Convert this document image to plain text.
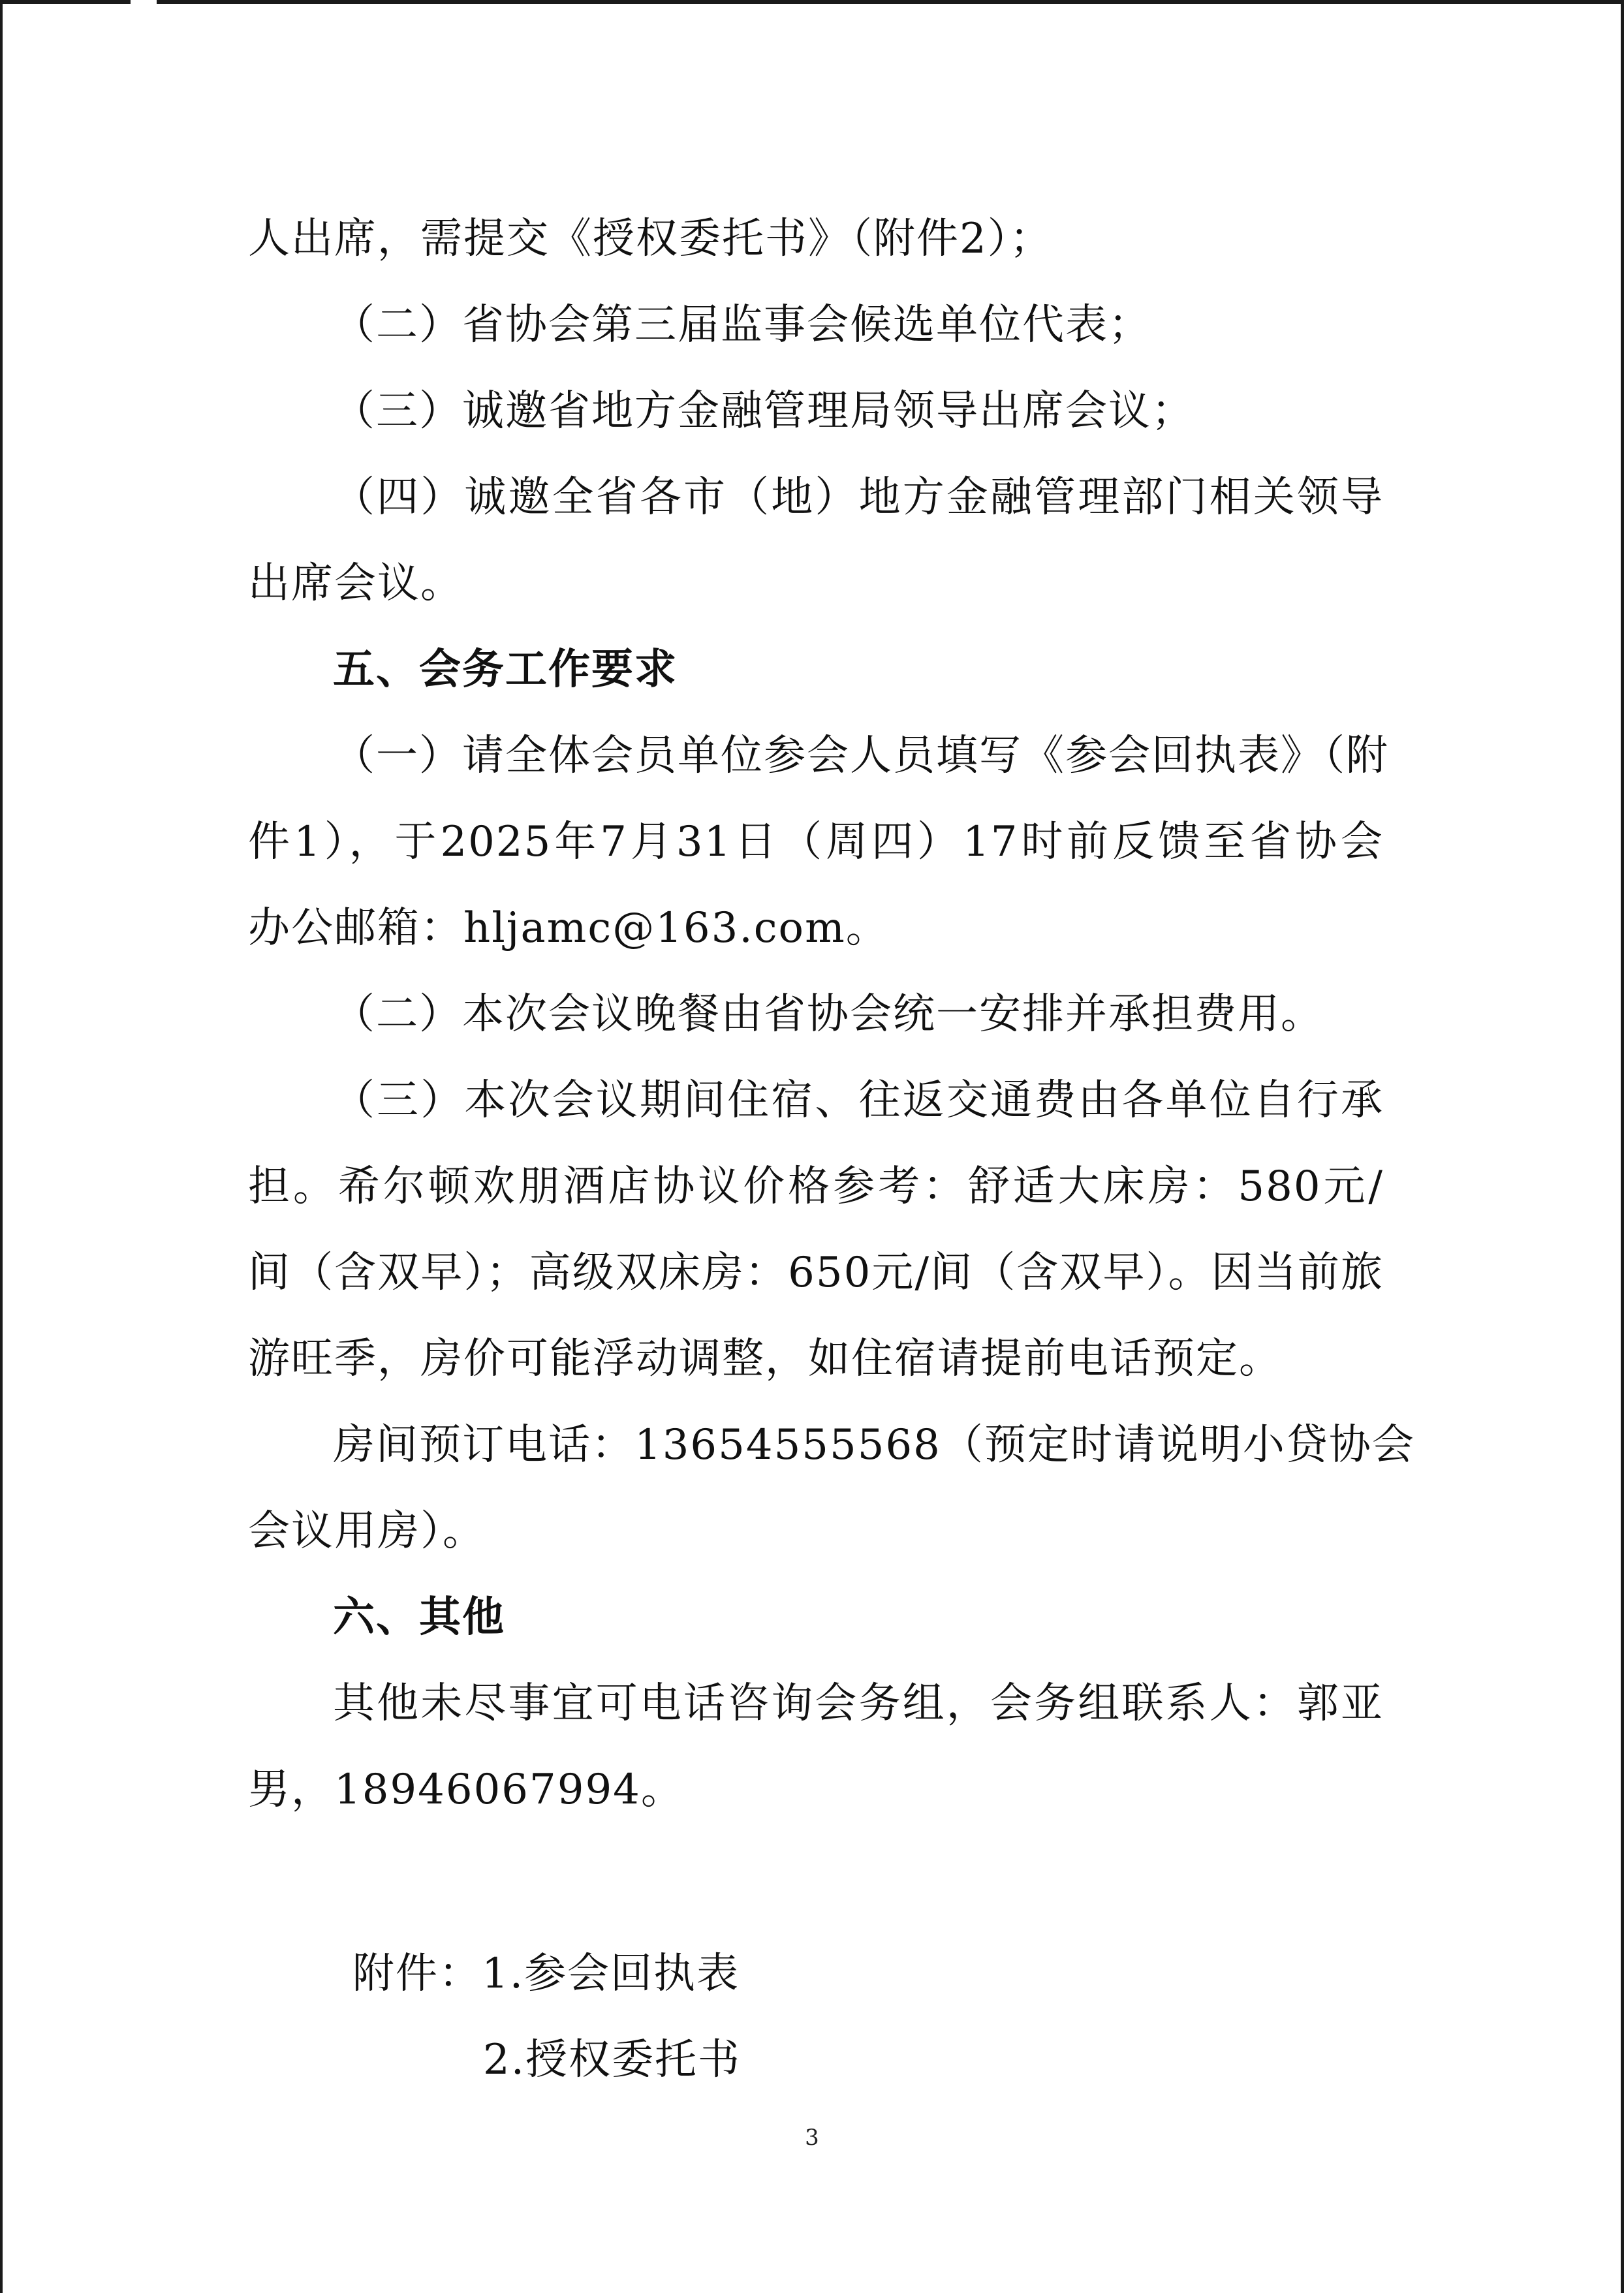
人出席，需提交《授权委托书》（附件2）；
（二）省协会第三届监事会候选单位代表；
（三）诚邀省地方金融管理局领导出席会议；
（四）诚邀全省各市（地）地方金融管理部门相关领导
出席会议。
五、会务工作要求
（一）请全体会员单位参会人员填写《参会回执表》（附
件1），于2025年7月31日（周四）17时前反馈至省协会
办公邮箱：hljamc@163.com。
（二）本次会议晚餐由省协会统一安排并承担费用。
（三）本次会议期间住宿、往返交通费由各单位自行承
担。希尔顿欢朋酒店协议价格参考：舒适大床房：580元/
间（含双早）；高级双床房：650元/间（含双早）。因当前旅
游旺季，房价可能浮动调整，如住宿请提前电话预定。
房间预订电话：13654555568（预定时请说明小贷协会
会议用房）。
六、其他
其他未尽事宜可电话咨询会务组，会务组联系人：郭亚
男，18946067994。
附件：1.参会回执表
2.授权委托书
3
